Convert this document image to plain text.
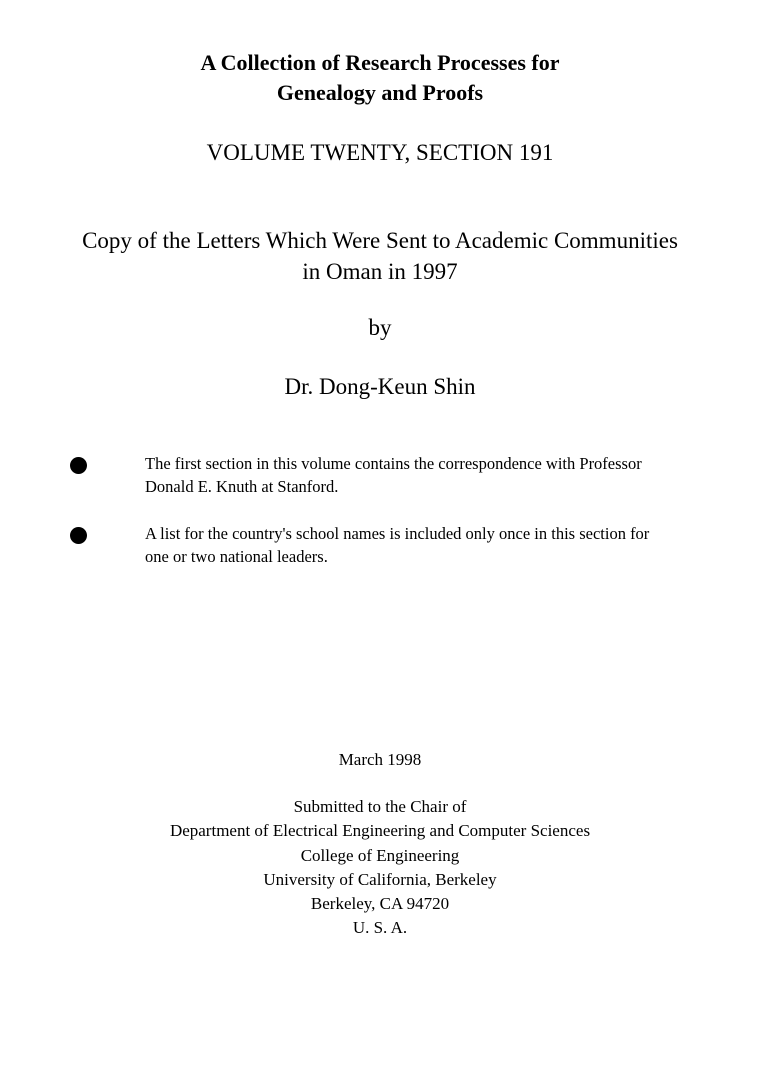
A Collection of Research Processes for
Genealogy and Proofs
VOLUME TWENTY, SECTION 191
Copy of the Letters Which Were Sent to Academic Communities
in Oman in 1997
by
Dr. Dong-Keun Shin
The first section in this volume contains the correspondence with Professor
Donald E. Knuth at Stanford.
A list for the country's school names is included only once in this section for
one or two national leaders.
March 1998
Submitted to the Chair of
Department of Electrical Engineering and Computer Sciences
College of Engineering
University of California, Berkeley
Berkeley, CA 94720
U. S. A.
